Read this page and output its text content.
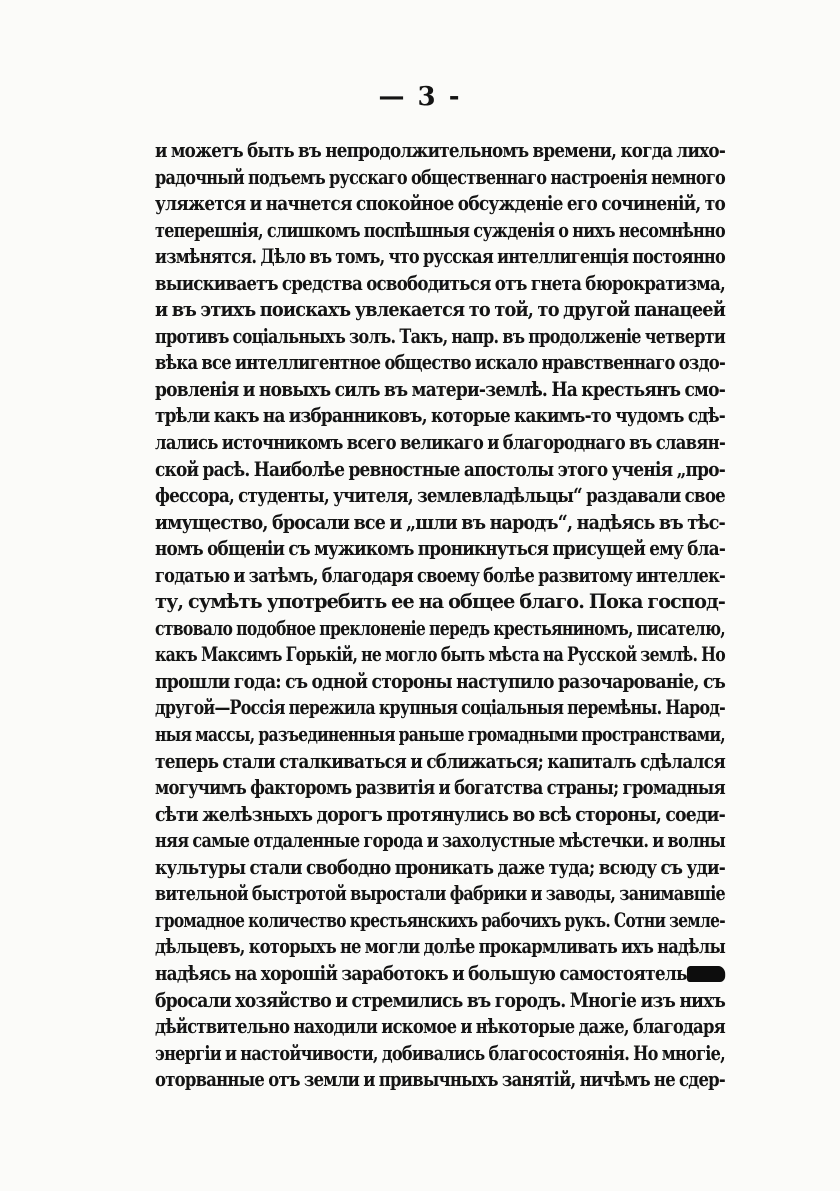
— 3 -
и можетъ быть въ непродолжительномъ времени, когда лихо-
радочный подъемъ русскаго общественнаго настроенія немного
уляжется и начнется спокойное обсужденіе его сочиненій, то
теперешнія, слишкомъ поспѣшныя сужденія о нихъ несомнѣнно
измѣнятся. Дѣло въ томъ, что русская интеллигенція постоянно
выискиваетъ средства освободиться отъ гнета бюрократизма,
и въ этихъ поискахъ увлекается то той, то другой панацеей
противъ соціальныхъ золъ. Такъ, напр. въ продолженіе четверти
вѣка все интеллигентное общество искало нравственнаго оздо-
ровленія и новыхъ силъ въ матери-землѣ. На крестьянъ смо-
трѣли какъ на избранниковъ, которые какимъ-то чудомъ сдѣ-
лались источникомъ всего великаго и благороднаго въ славян-
ской расѣ. Наиболѣе ревностные апостолы этого ученія „про-
фессора, студенты, учителя, землевладѣльцы“ раздавали свое
имущество, бросали все и „шли въ народъ“, надѣясь въ тѣс-
номъ общеніи съ мужикомъ проникнуться присущей ему бла-
годатью и затѣмъ, благодаря своему болѣе развитому интеллек-
ту, сумѣть употребить ее на общее благо. Пока господ-
ствовало подобное преклоненіе передъ крестьяниномъ, писателю,
какъ Максимъ Горькій, не могло быть мѣста на Русской землѣ. Но
прошли года: съ одной стороны наступило разочарованіе, съ
другой—Россія пережила крупныя соціальныя перемѣны. Народ-
ныя массы, разъединенныя раньше громадными пространствами,
теперь стали сталкиваться и сближаться; капиталъ сдѣлался
могучимъ факторомъ развитія и богатства страны; громадныя
сѣти желѣзныхъ дорогъ протянулись во всѣ стороны, соеди-
няя самые отдаленные города и захолустные мѣстечки. и волны
культуры стали свободно проникать даже туда; всюду съ уди-
вительной быстротой выростали фабрики и заводы, занимавшіе
громадное количество крестьянскихъ рабочихъ рукъ. Сотни земле-
дѣльцевъ, которыхъ не могли долѣе прокармливать ихъ надѣлы
надѣясь на хорошій заработокъ и большую самостоятель
бросали хозяйство и стремились въ городъ. Многіе изъ нихъ
дѣйствительно находили искомое и нѣкоторые даже, благодаря
энергіи и настойчивости, добивались благосостоянія. Но многіе,
оторванные отъ земли и привычныхъ занятій, ничѣмъ не сдер-
